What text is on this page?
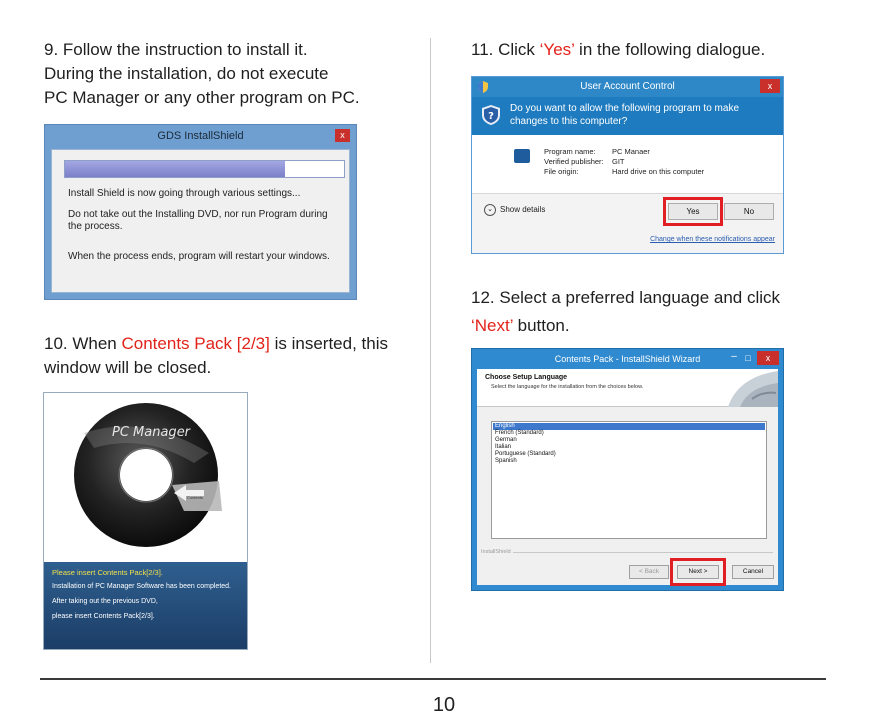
9. Follow the instruction to install it.
During the installation, do not execute
PC Manager or any other program on PC.
GDS InstallShield	x
Install Shield is now going through various settings...
Do not take out the Installing DVD, nor run Program during the process.
When the process ends, program will restart your windows.
10. When Contents Pack [2/3] is inserted, this
window will be closed.
PC Manager
Contents
Please insert Contents Pack[2/3].
Installation of PC Manager Software has been completed.
After taking out the previous DVD,
please insert Contents Pack[2/3].
11. Click ‘Yes’ in the following dialogue.
User Account Control	x
?
Do you want to allow the following program to make changes to this computer?
Program name:	PC Manaer
Verified publisher:	GIT
File origin:	Hard drive on this computer
⌄ Show details	Yes	No
Change when these notifications appear
12. Select a preferred language and click
‘Next’ button.
Contents Pack - InstallShield Wizard	– □	x
Choose Setup Language
Select the language for the installation from the choices below.
English
French (Standard)
German
Italian
Portuguese (Standard)
Spanish
InstallShield
< Back	Next >	Cancel
10
